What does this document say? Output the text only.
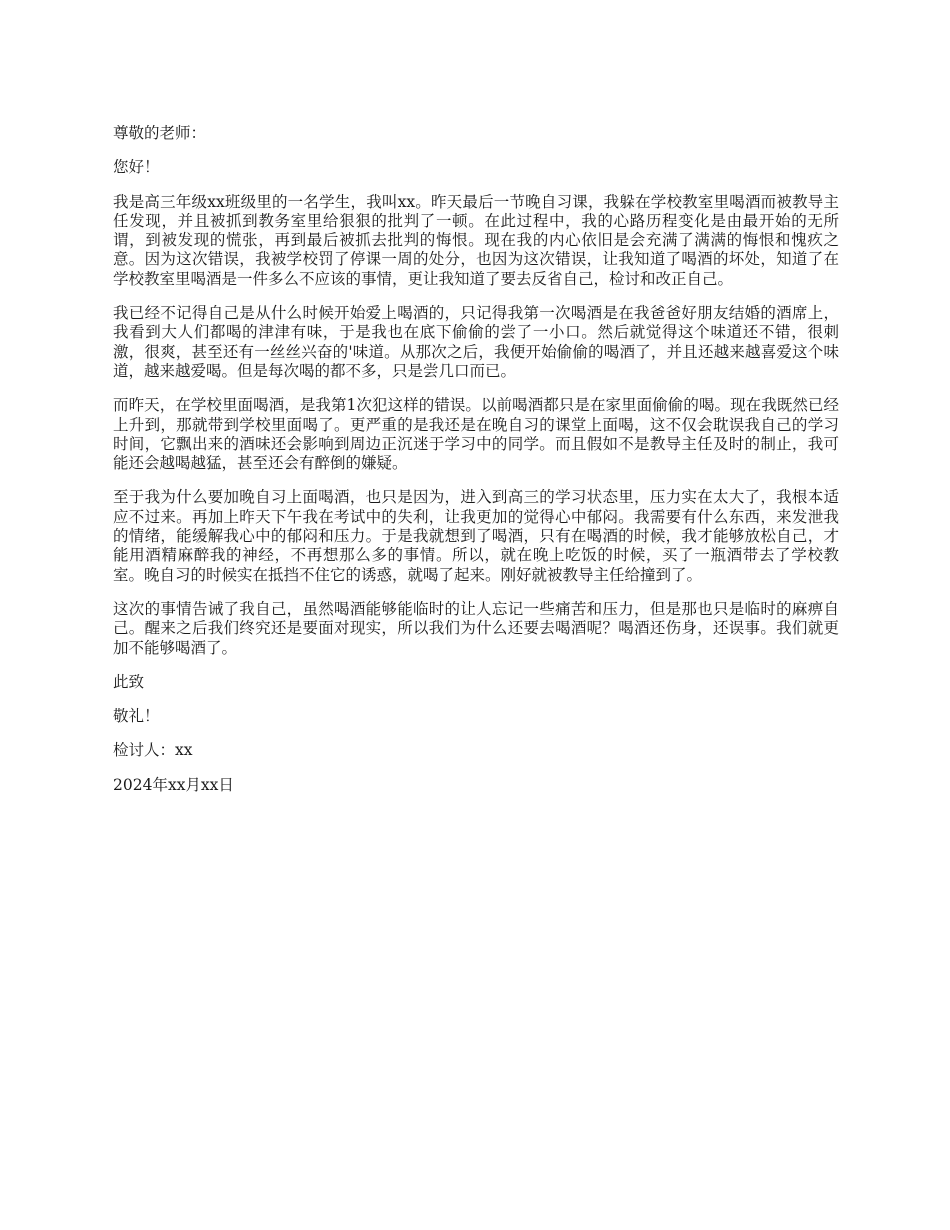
尊敬的老师：

您好！

我是高三年级xx班级里的一名学生，我叫xx。昨天最后一节晚自习课，我躲在学校教室里喝酒而被教导主任发现，并且被抓到教务室里给狠狠的批判了一顿。在此过程中，我的心路历程变化是由最开始的无所谓，到被发现的慌张，再到最后被抓去批判的悔恨。现在我的内心依旧是会充满了满满的悔恨和愧疚之意。因为这次错误，我被学校罚了停课一周的处分，也因为这次错误，让我知道了喝酒的坏处，知道了在学校教室里喝酒是一件多么不应该的事情，更让我知道了要去反省自己，检讨和改正自己。

我已经不记得自己是从什么时候开始爱上喝酒的，只记得我第一次喝酒是在我爸爸好朋友结婚的酒席上，我看到大人们都喝的津津有味，于是我也在底下偷偷的尝了一小口。然后就觉得这个味道还不错，很刺激，很爽，甚至还有一丝丝兴奋的'味道。从那次之后，我便开始偷偷的喝酒了，并且还越来越喜爱这个味道，越来越爱喝。但是每次喝的都不多，只是尝几口而已。

而昨天，在学校里面喝酒，是我第1次犯这样的错误。以前喝酒都只是在家里面偷偷的喝。现在我既然已经上升到，那就带到学校里面喝了。更严重的是我还是在晚自习的课堂上面喝，这不仅会耽误我自己的学习时间，它飘出来的酒味还会影响到周边正沉迷于学习中的同学。而且假如不是教导主任及时的制止，我可能还会越喝越猛，甚至还会有醉倒的嫌疑。

至于我为什么要加晚自习上面喝酒，也只是因为，进入到高三的学习状态里，压力实在太大了，我根本适应不过来。再加上昨天下午我在考试中的失利，让我更加的觉得心中郁闷。我需要有什么东西，来发泄我的情绪，能缓解我心中的郁闷和压力。于是我就想到了喝酒，只有在喝酒的时候，我才能够放松自己，才能用酒精麻醉我的神经，不再想那么多的事情。所以，就在晚上吃饭的时候，买了一瓶酒带去了学校教室。晚自习的时候实在抵挡不住它的诱惑，就喝了起来。刚好就被教导主任给撞到了。

这次的事情告诫了我自己，虽然喝酒能够能临时的让人忘记一些痛苦和压力，但是那也只是临时的麻痹自己。醒来之后我们终究还是要面对现实，所以我们为什么还要去喝酒呢？喝酒还伤身，还误事。我们就更加不能够喝酒了。

此致

敬礼！

检讨人：xx

2024年xx月xx日
